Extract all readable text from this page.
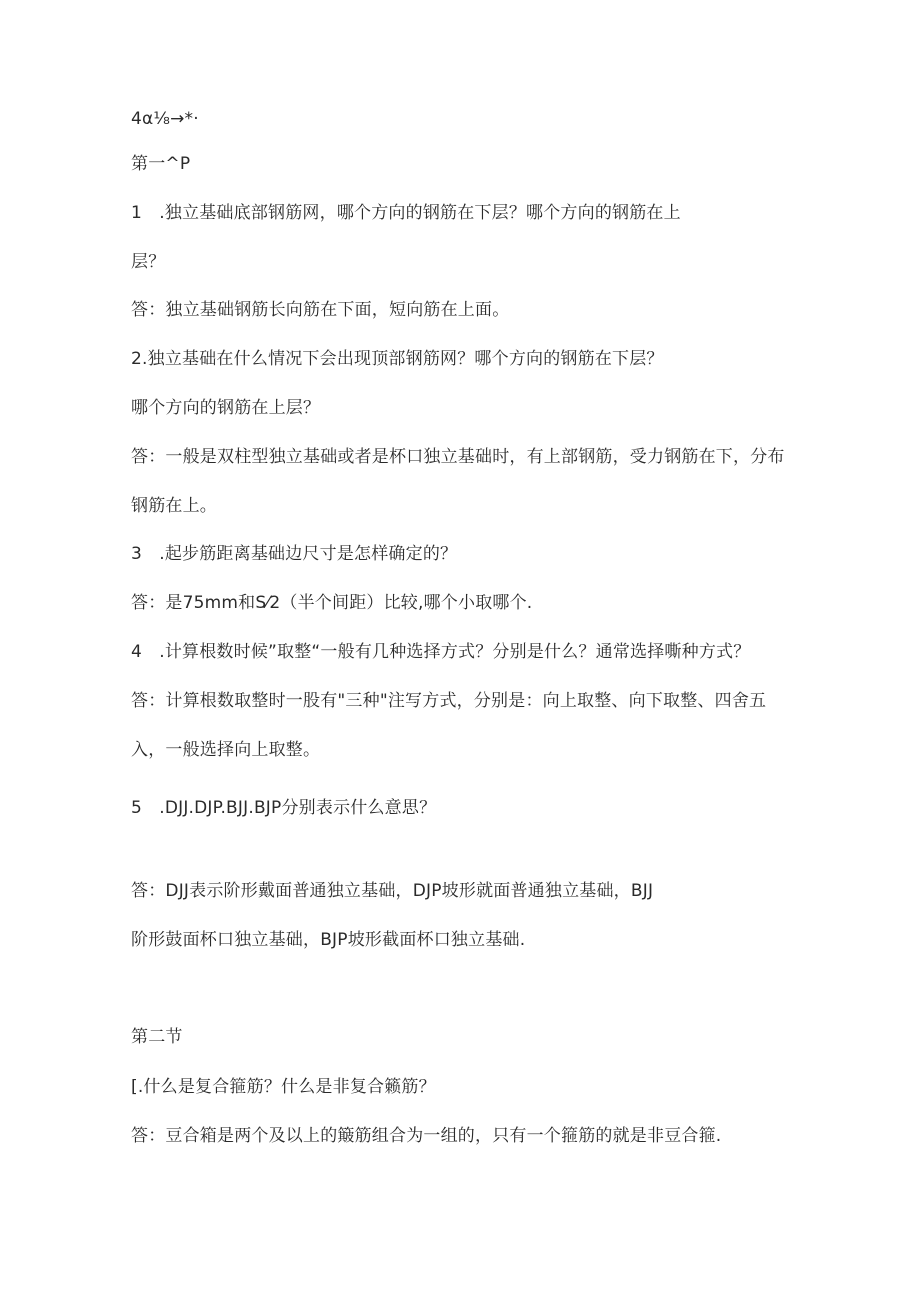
4α⅛→*·
第一^P
1　.独立基础底部钢筋网，哪个方向的钢筋在下层？哪个方向的钢筋在上
层？
答：独立基础钢筋长向筋在下面，短向筋在上面。
2.独立基础在什么情况下会出现顶部钢筋网？哪个方向的钢筋在下层？
哪个方向的钢筋在上层？
答：一般是双柱型独立基础或者是杯口独立基础时，有上部钢筋，受力钢筋在下，分布
钢筋在上。
3　.起步筋距离基础边尺寸是怎样确定的？
答：是75mm和S⁄2（半个间距）比较,哪个小取哪个.
4　.计算根数时候”取整“一般有几种选择方式？分别是什么？通常选择嘶种方式？
答：计算根数取整时一股有"三种"注写方式，分别是：向上取整、向下取整、四舍五
入，一般选择向上取整。
5　.DJJ.DJP.BJJ.BJP分别表示什么意思？
答：DJJ表示阶形戴面普通独立基础，DJP坡形就面普通独立基础，BJJ
阶形鼓面杯口独立基础，BJP坡形截面杯口独立基础.
第二节
[.什么是复合箍筋？什么是非复合籁筋？
答：豆合箱是两个及以上的簸筋组合为一组的，只有一个箍筋的就是非豆合箍.
